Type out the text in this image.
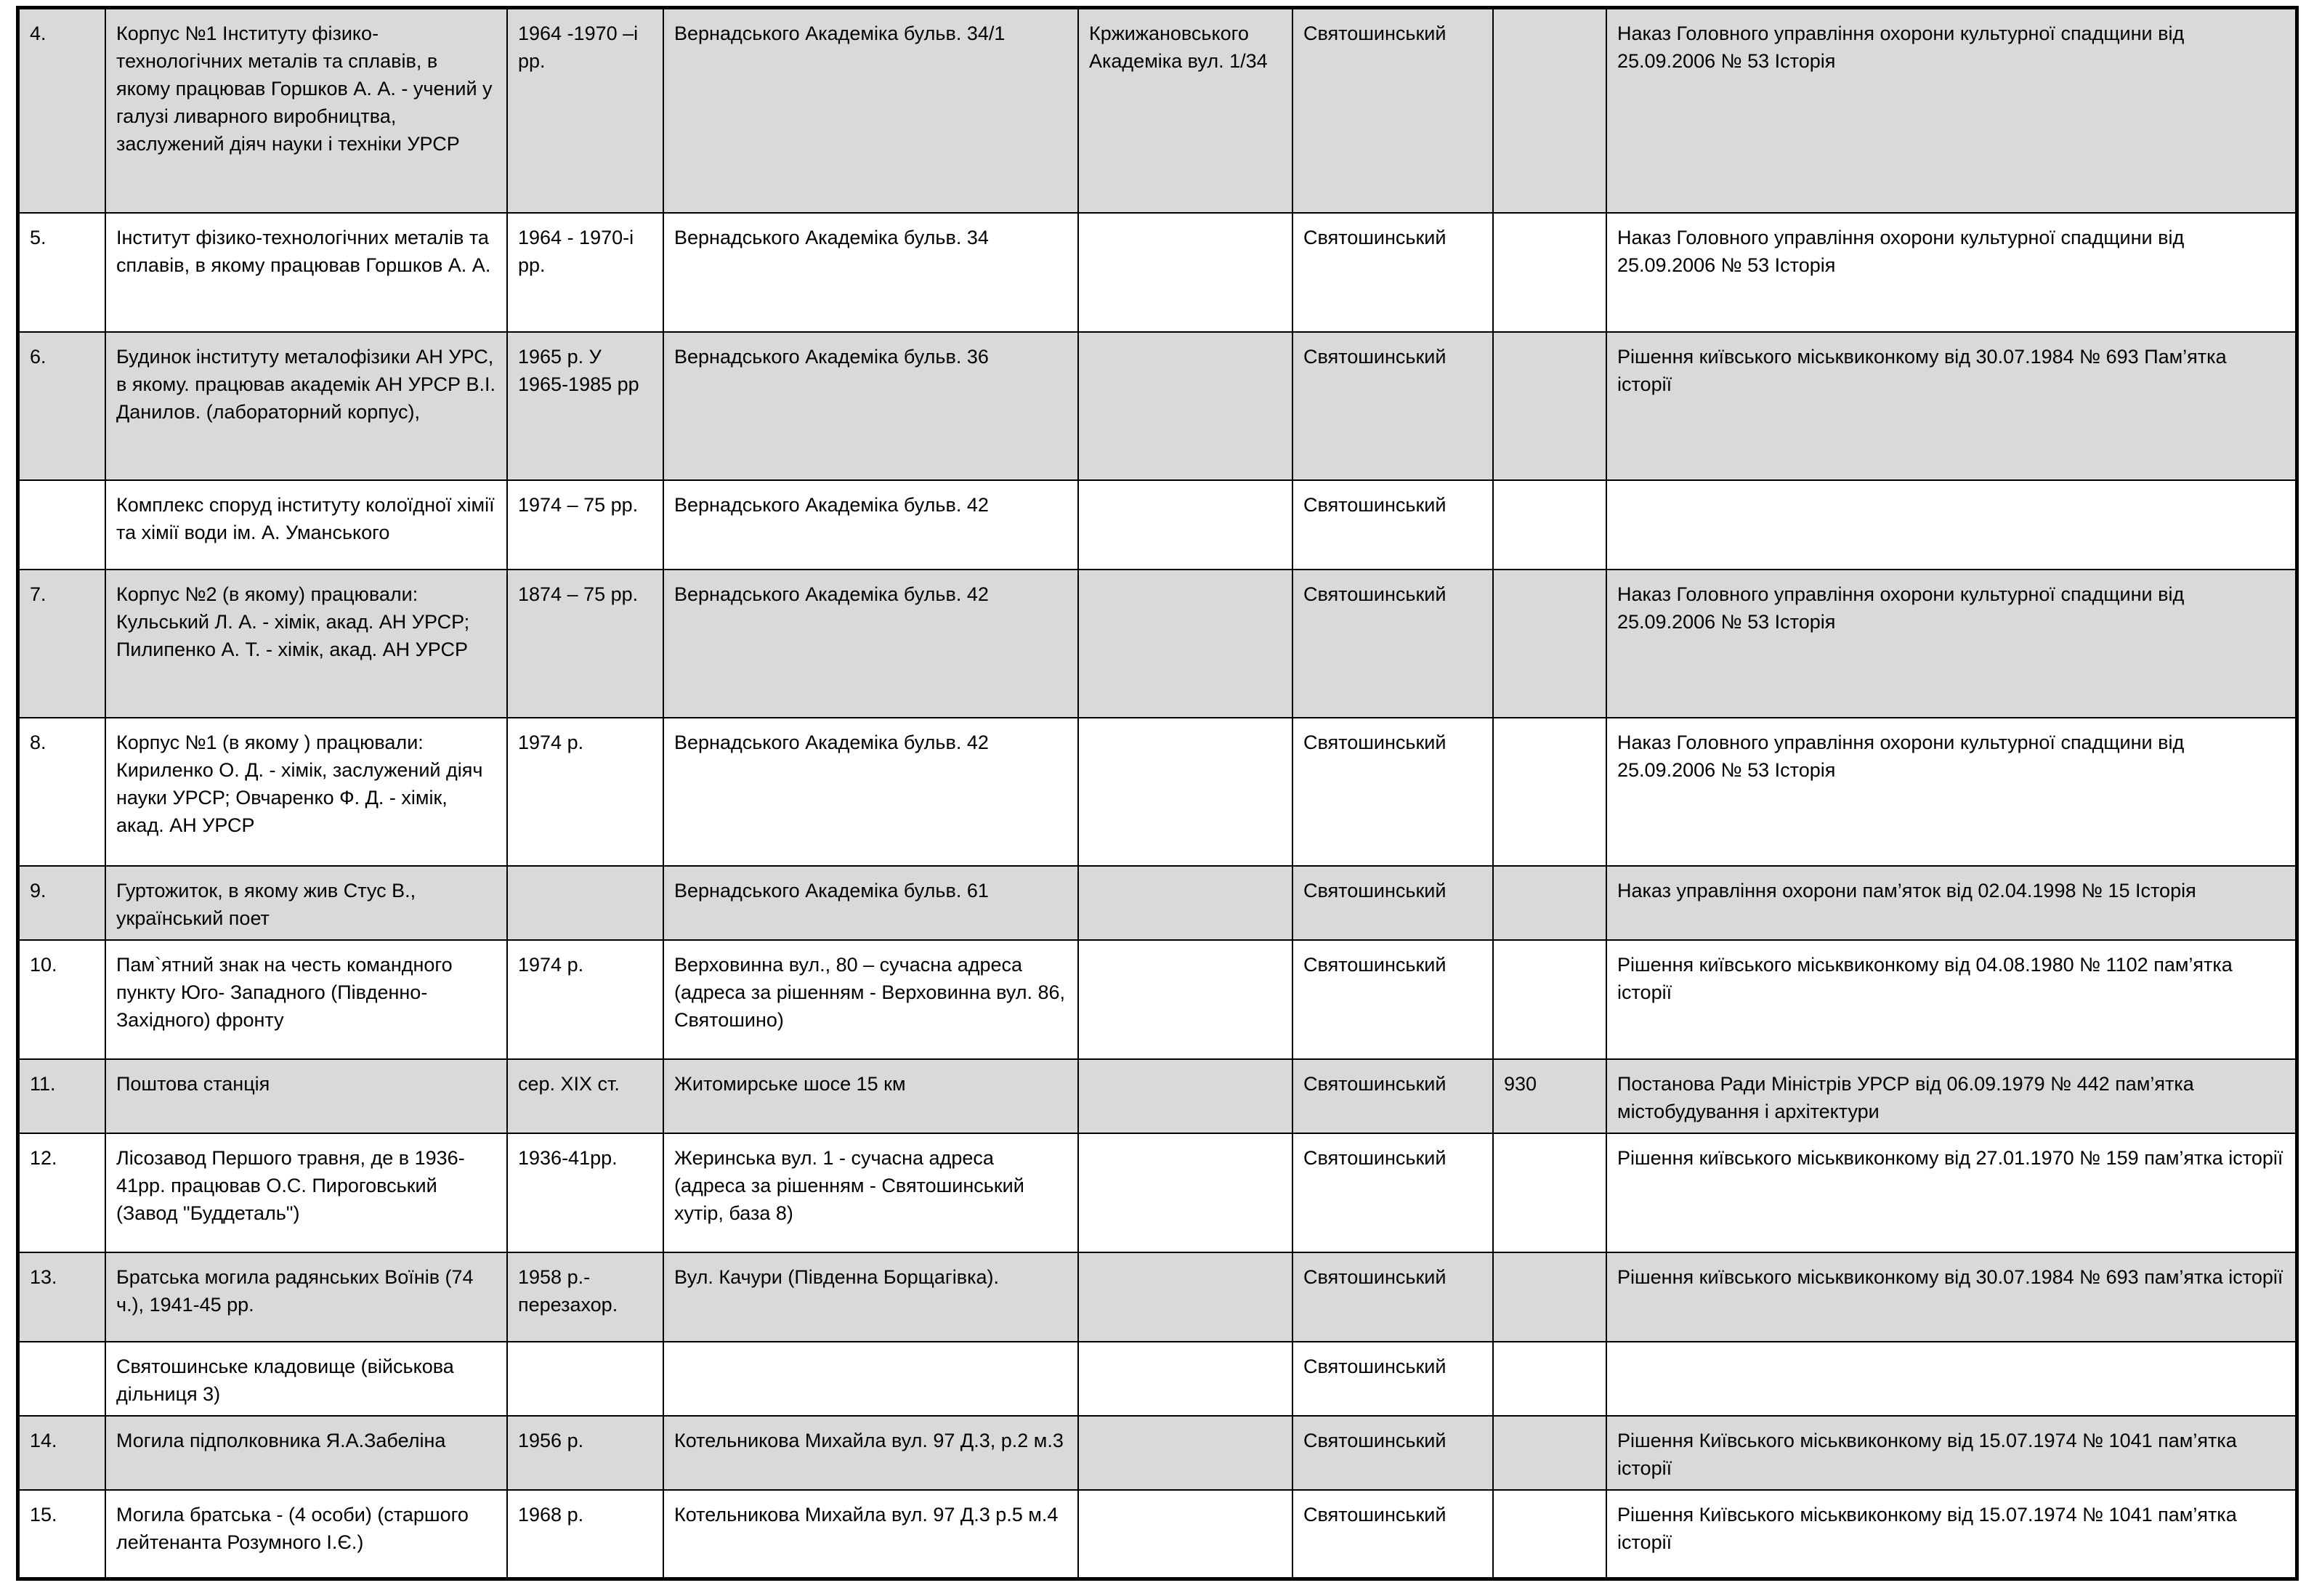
4.	Корпус №1 Інституту фізико-технологічних металів та сплавів, в якому працював Горшков А. А. - учений у галузі ливарного виробництва, заслужений діяч науки і техніки УРСР	1964 -1970 –і рр.	Вернадського Академіка бульв. 34/1	Кржижановського Академіка вул. 1/34	Святошинський		Наказ Головного управління охорони культурної спадщини від 25.09.2006 № 53 Історія
5.	Інститут фізико-технологічних металів та сплавів, в якому працював Горшков А. А.	1964 - 1970-і рр.	Вернадського Академіка бульв. 34		Святошинський		Наказ Головного управління охорони культурної спадщини від 25.09.2006 № 53 Історія
6.	Будинок інституту металофізики АН УРС, в якому. працював академік АН УРСР В.І. Данилов. (лабораторний корпус),	1965 р. У 1965-1985 рр	Вернадського Академіка бульв. 36		Святошинський		Рішення київського міськвиконкому від 30.07.1984 № 693 Пам’ятка історії
	Комплекс споруд інституту колоїдної хімії та хімії води ім. А. Уманського	1974 – 75 рр.	Вернадського Академіка бульв. 42		Святошинський		
7.	Корпус №2 (в якому) працювали: Кульський Л. А. - хімік, акад. АН УРСР; Пилипенко А. Т. - хімік, акад. АН УРСР	1874 – 75 рр.	Вернадського Академіка бульв. 42		Святошинський		Наказ Головного управління охорони культурної спадщини від 25.09.2006 № 53 Історія
8.	Корпус №1 (в якому ) працювали: Кириленко О. Д. - хімік, заслужений діяч науки УРСР; Овчаренко Ф. Д. - хімік, акад. АН УРСР	1974 р.	Вернадського Академіка бульв. 42		Святошинський		Наказ Головного управління охорони культурної спадщини від 25.09.2006 № 53 Історія
9.	Гуртожиток, в якому жив Стус В., український поет		Вернадського Академіка бульв. 61		Святошинський		Наказ управління охорони пам’яток від 02.04.1998 № 15 Історія
10.	Пам`ятний знак на честь командного пункту Юго- Западного (Південно-Західного) фронту	1974 р.	Верховинна вул., 80 – сучасна адреса (адреса за рішенням - Верховинна вул. 86, Святошино)		Святошинський		Рішення київського міськвиконкому від 04.08.1980 № 1102 пам’ятка історії
11.	Поштова станція	сер. XIX ст.	Житомирське шосе 15 км		Святошинський	930	Постанова Ради Міністрів УРСР від 06.09.1979 № 442 пам’ятка містобудування і архітектури
12.	Лісозавод Першого травня, де в 1936-41рр. працював О.С. Пироговський (Завод "Буддеталь")	1936-41рр.	Жеринська вул. 1 - сучасна адреса (адреса за рішенням - Святошинський хутір, база 8)		Святошинський		Рішення київського міськвиконкому від 27.01.1970 № 159 пам’ятка історії
13.	Братська могила радянських Воїнів (74 ч.), 1941-45 рр.	1958 р.- перезахор.	Вул. Качури (Південна Борщагівка).		Святошинський		Рішення київського міськвиконкому від 30.07.1984 № 693 пам’ятка історії
	Святошинське кладовище (військова дільниця 3)				Святошинський		
14.	Могила підполковника Я.А.Забеліна	1956 р.	Котельникова Михайла вул. 97 Д.3, р.2 м.3		Святошинський		Рішення Київського міськвиконкому від 15.07.1974 № 1041 пам’ятка історії
15.	Могила братська - (4 особи) (старшого лейтенанта Розумного І.Є.)	1968 р.	Котельникова Михайла вул. 97 Д.3 р.5 м.4		Святошинський		Рішення Київського міськвиконкому від 15.07.1974 № 1041 пам’ятка історії
